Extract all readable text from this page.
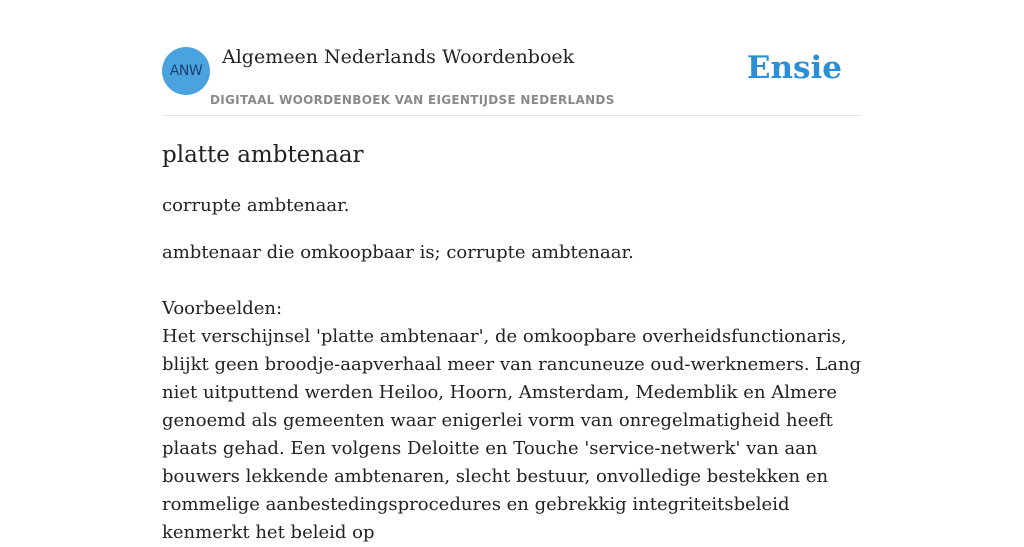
ANW
Algemeen Nederlands Woordenboek
DIGITAAL WOORDENBOEK VAN EIGENTIJDSE NEDERLANDS
Ensie
platte ambtenaar

corrupte ambtenaar.

ambtenaar die omkoopbaar is; corrupte ambtenaar.

Voorbeelden:

Het verschijnsel 'platte ambtenaar', de omkoopbare overheidsfunctionaris, blijkt geen broodje-aapverhaal meer van rancuneuze oud-werknemers. Lang niet uitputtend werden Heiloo, Hoorn, Amsterdam, Medemblik en Almere genoemd als gemeenten waar enigerlei vorm van onregelmatigheid heeft plaats gehad. Een volgens Deloitte en Touche 'service-netwerk' van aan bouwers lekkende ambtenaren, slecht bestuur, onvolledige bestekken en rommelige aanbestedingsprocedures en gebrekkig integriteitsbeleid kenmerkt het beleid op
